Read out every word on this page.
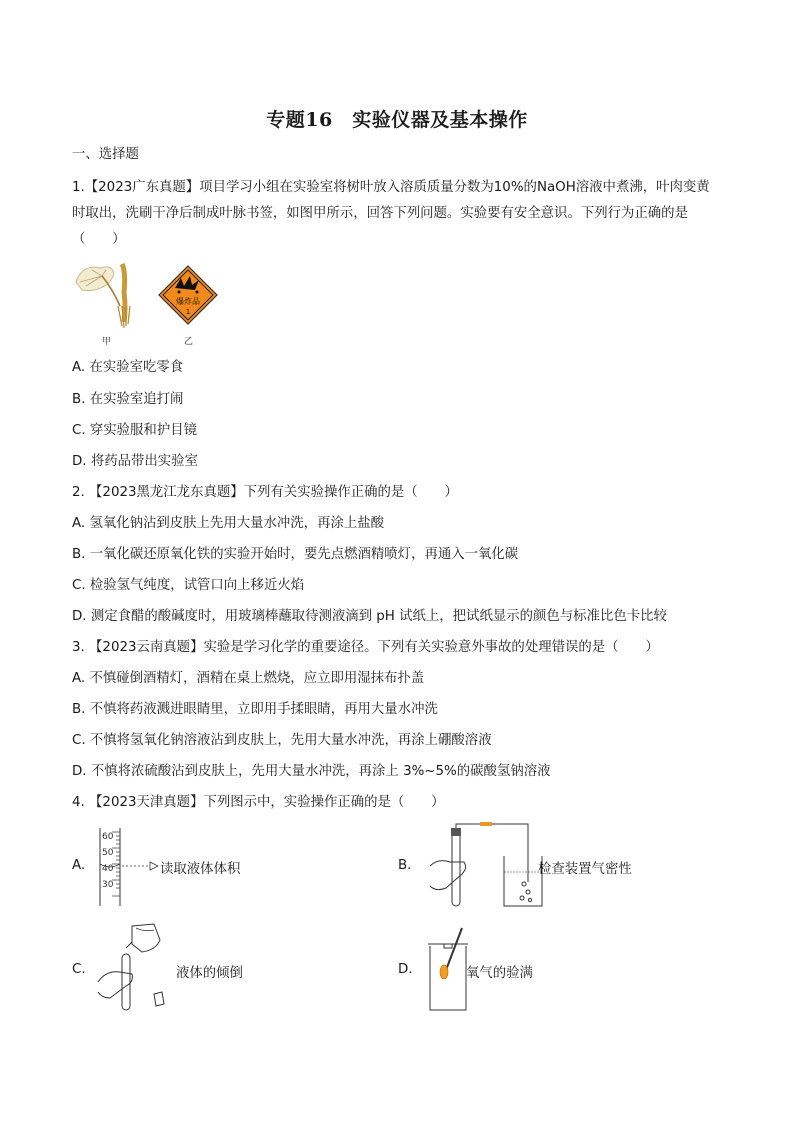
专题16　实验仪器及基本操作
一、选择题
1.【2023广东真题】项目学习小组在实验室将树叶放入溶质质量分数为10%的NaOH溶液中煮沸，叶肉变黄时取出，洗刷干净后制成叶脉书签，如图甲所示，回答下列问题。实验要有安全意识。下列行为正确的是（　　）
甲
爆炸品
1
乙
A. 在实验室吃零食
B. 在实验室追打闹
C. 穿实验服和护目镜
D. 将药品带出实验室
2. 【2023黑龙江龙东真题】下列有关实验操作正确的是（　　）
A. 氢氧化钠沾到皮肤上先用大量水冲洗，再涂上盐酸
B. 一氧化碳还原氧化铁的实验开始时，要先点燃酒精喷灯，再通入一氧化碳
C. 检验氢气纯度，试管口向上移近火焰
D. 测定食醋的酸碱度时，用玻璃棒蘸取待测液滴到 pH 试纸上，把试纸显示的颜色与标准比色卡比较
3. 【2023云南真题】实验是学习化学的重要途径。下列有关实验意外事故的处理错误的是（　　）
A. 不慎碰倒酒精灯，酒精在桌上燃烧，应立即用湿抹布扑盖
B. 不慎将药液溅进眼睛里，立即用手揉眼睛，再用大量水冲洗
C. 不慎将氢氧化钠溶液沾到皮肤上，先用大量水冲洗，再涂上硼酸溶液
D. 不慎将浓硫酸沾到皮肤上，先用大量水冲洗，再涂上 3%~5%的碳酸氢钠溶液
4. 【2023天津真题】下列图示中，实验操作正确的是（　　）
A.
60
50
40
30
读取液体体积	B.	检查装置气密性
C.	液体的倾倒	D.	氧气的验满
